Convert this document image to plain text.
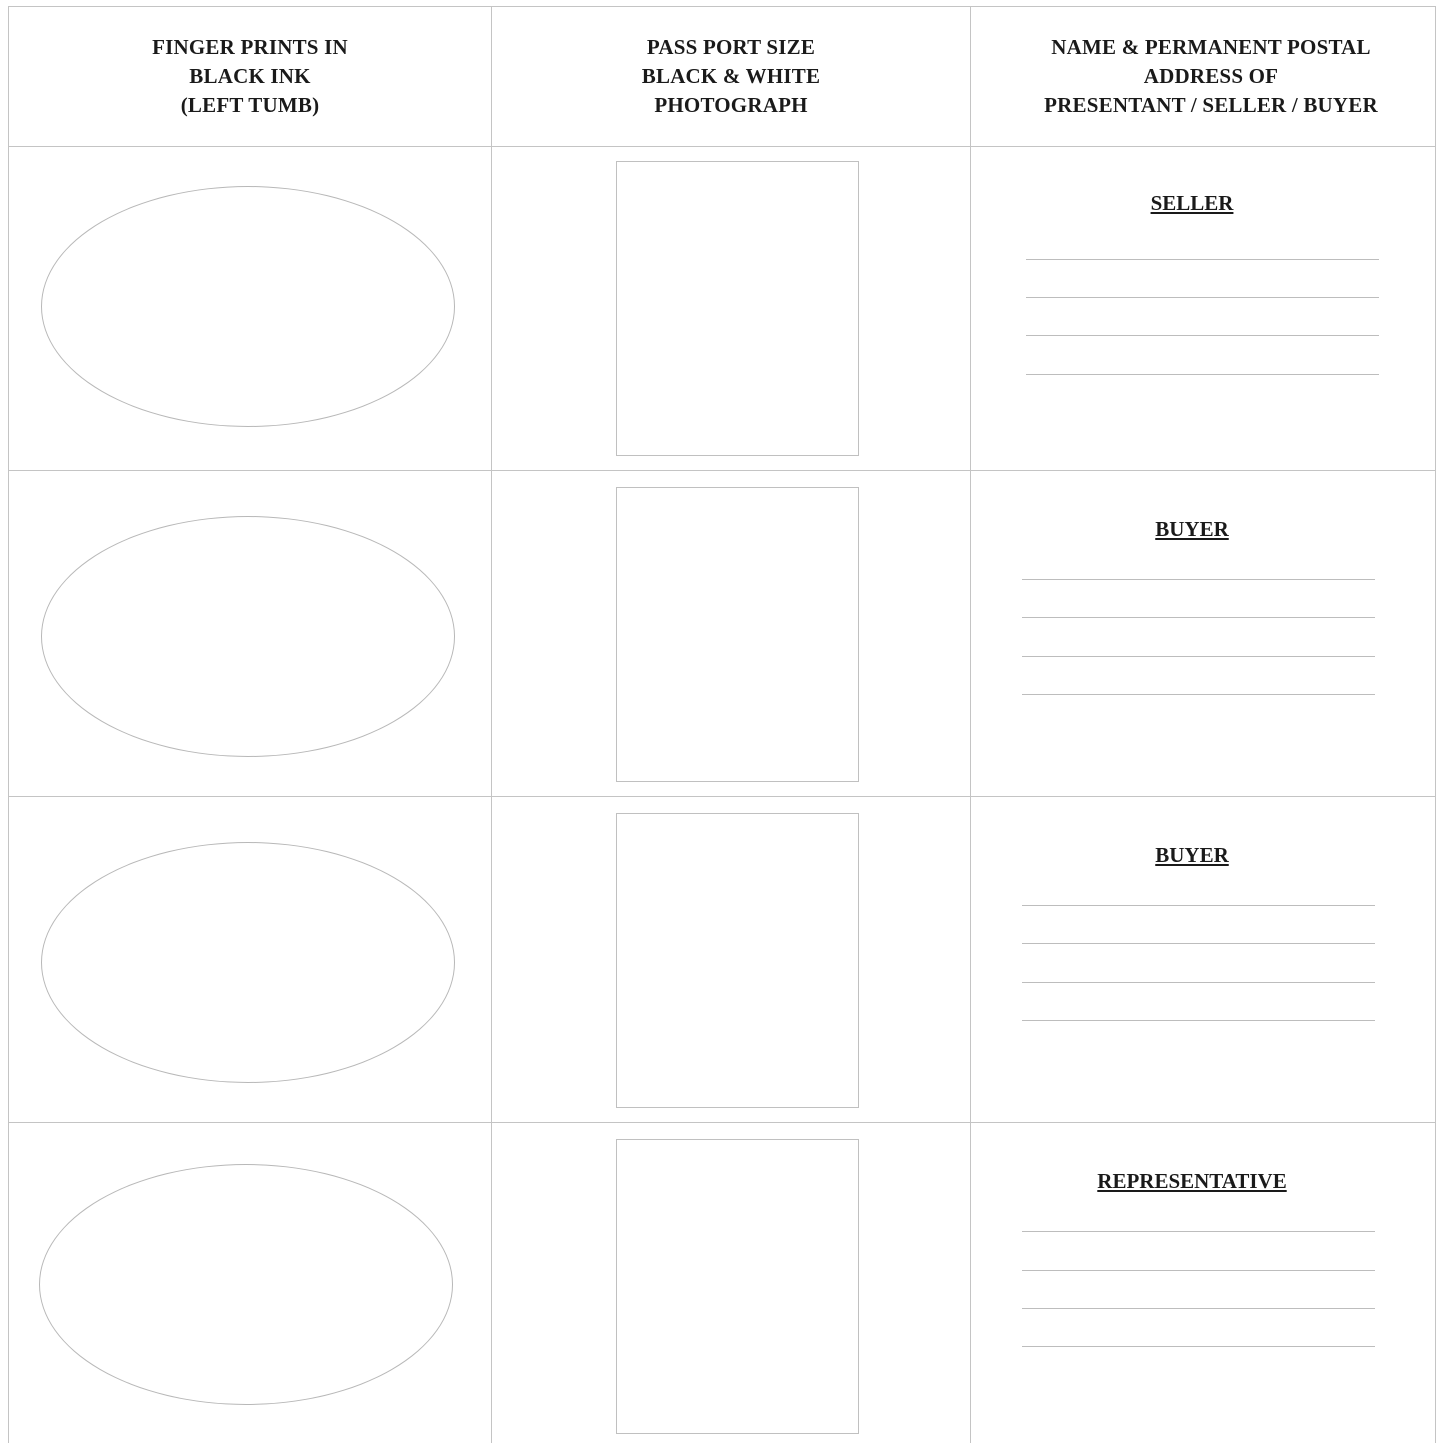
FINGER PRINTS IN
BLACK INK
(LEFT TUMB)
PASS PORT SIZE
BLACK & WHITE
PHOTOGRAPH
NAME & PERMANENT POSTAL
ADDRESS OF
PRESENTANT / SELLER / BUYER
SELLER
BUYER
BUYER
REPRESENTATIVE
